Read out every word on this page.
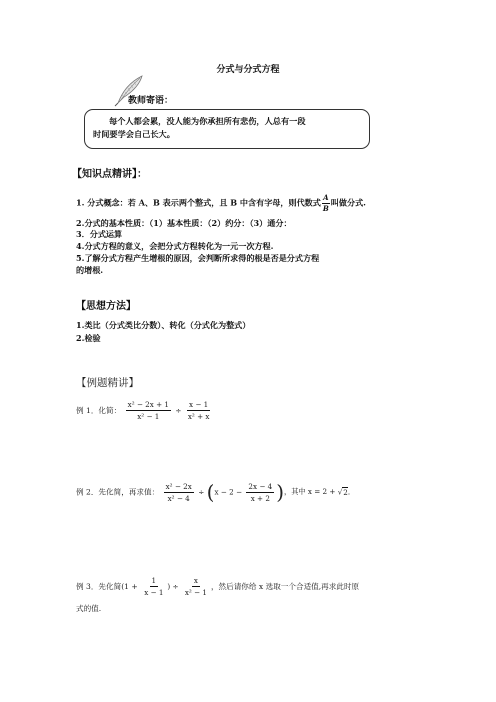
分式与分式方程
教师寄语：
每个人都会累，没人能为你承担所有悲伤，人总有一段
时间要学会自己长大。
【知识点精讲】：
1. 分式概念：若 A、B 表示两个整式，且 B 中含有字母，则代数式 $\frac{A}{B}$ 叫做分式.
2.分式的基本性质：（1）基本性质：（2）约分：（3）通分：
3．分式运算
4.分式方程的意义，会把分式方程转化为一元一次方程.
5.了解分式方程产生增根的原因，会判断所求得的根是否是分式方程
的增根.
【思想方法】
1.类比（分式类比分数）、转化（分式化为整式）
2.检验
【例题精讲】
例 1．化简： $\frac{\text{x² − 2x + 1}}{\text{x² − 1}} \div \frac{x - 1}{\text{x² + x}}$
例 2．先化简，再求值： $\frac{\text{x² − 2x}}{\text{x² − 4}} \div (x - 2 - \frac{2x - 4}{x + 2}$ )，其中 x = 2 + √2．
例 3．先化简($1 + \frac{1}{x - 1}$ ) ÷ $\frac{x}{\text{x² − 1}}$ ，然后请你给 x 选取一个合适值,再求此时原
式的值.
